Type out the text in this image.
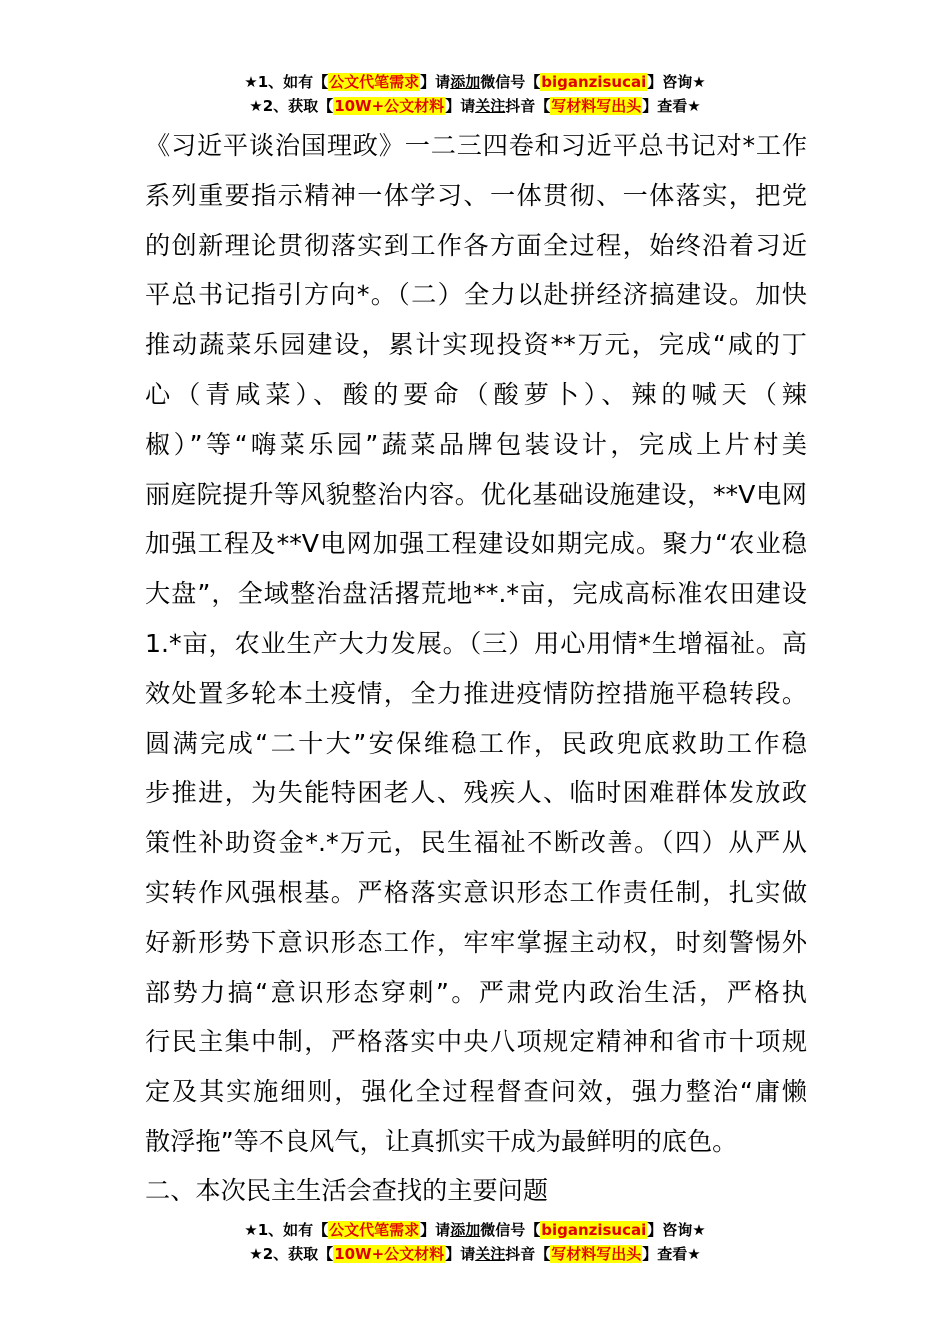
★1、如有【公文代笔需求】请添加微信号【biganzisucai】咨询★
★2、获取【10W+公文材料】请关注抖音【写材料写出头】查看★

《习近平谈治国理政》一二三四卷和习近平总书记对*工作

系列重要指示精神一体学习、一体贯彻、一体落实，把党

的创新理论贯彻落实到工作各方面全过程，始终沿着习近

平总书记指引方向*。（二）全力以赴拼经济搞建设。加快

推动蔬菜乐园建设，累计实现投资**万元，完成“咸的丁

心（青咸菜）、酸的要命（酸萝卜）、辣的喊天（辣

椒）”等“嗨菜乐园”蔬菜品牌包装设计，完成上片村美

丽庭院提升等风貌整治内容。优化基础设施建设，**V电网

加强工程及**V电网加强工程建设如期完成。聚力“农业稳

大盘”，全域整治盘活撂荒地**.*亩，完成高标准农田建设

1.*亩，农业生产大力发展。（三）用心用情*生增福祉。高

效处置多轮本土疫情，全力推进疫情防控措施平稳转段。

圆满完成“二十大”安保维稳工作，民政兜底救助工作稳

步推进，为失能特困老人、残疾人、临时困难群体发放政

策性补助资金*.*万元，民生福祉不断改善。（四）从严从

实转作风强根基。严格落实意识形态工作责任制，扎实做

好新形势下意识形态工作，牢牢掌握主动权，时刻警惕外

部势力搞“意识形态穿刺”。严肃党内政治生活，严格执

行民主集中制，严格落实中央八项规定精神和省市十项规

定及其实施细则，强化全过程督查问效，强力整治“庸懒

散浮拖”等不良风气，让真抓实干成为最鲜明的底色。

二、本次民主生活会查找的主要问题

★1、如有【公文代笔需求】请添加微信号【biganzisucai】咨询★
★2、获取【10W+公文材料】请关注抖音【写材料写出头】查看★
